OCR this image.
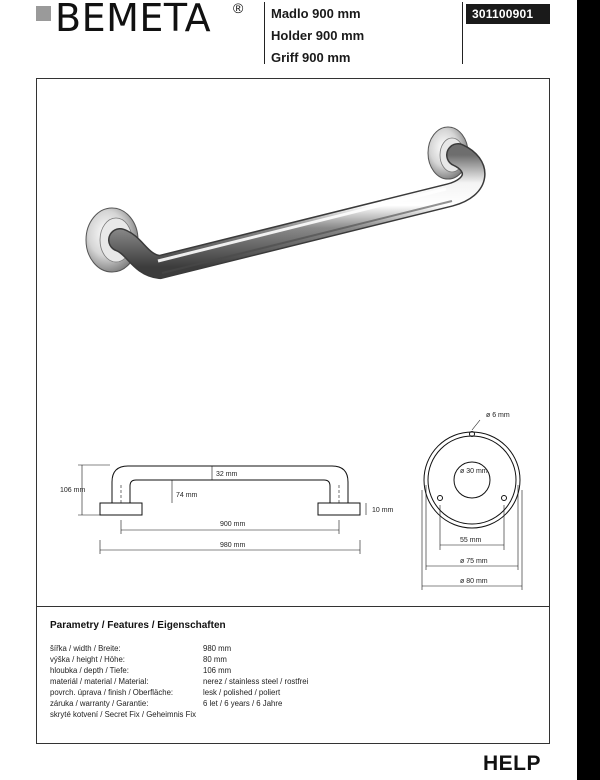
BEMETA ® Madlo 900 mm
Holder 900 mm
Griff 900 mm
301100901
106 mm
32 mm
74 mm
10 mm
900 mm
980 mm
ø 6 mm
ø 30 mm
55 mm
ø 75 mm
ø 80 mm
Parametry / Features / Eigenschaften
šířka / width / Breite:	980 mm
výška / height / Höhe:	80 mm
hloubka / depth / Tiefe:	106 mm
materiál / material / Material:	nerez / stainless steel / rostfrei
povrch. úprava / finish / Oberfläche:	lesk / polished / poliert
záruka / warranty / Garantie:	6 let / 6 years / 6 Jahre
skryté kotvení / Secret Fix / Geheimnis Fix
HELP
